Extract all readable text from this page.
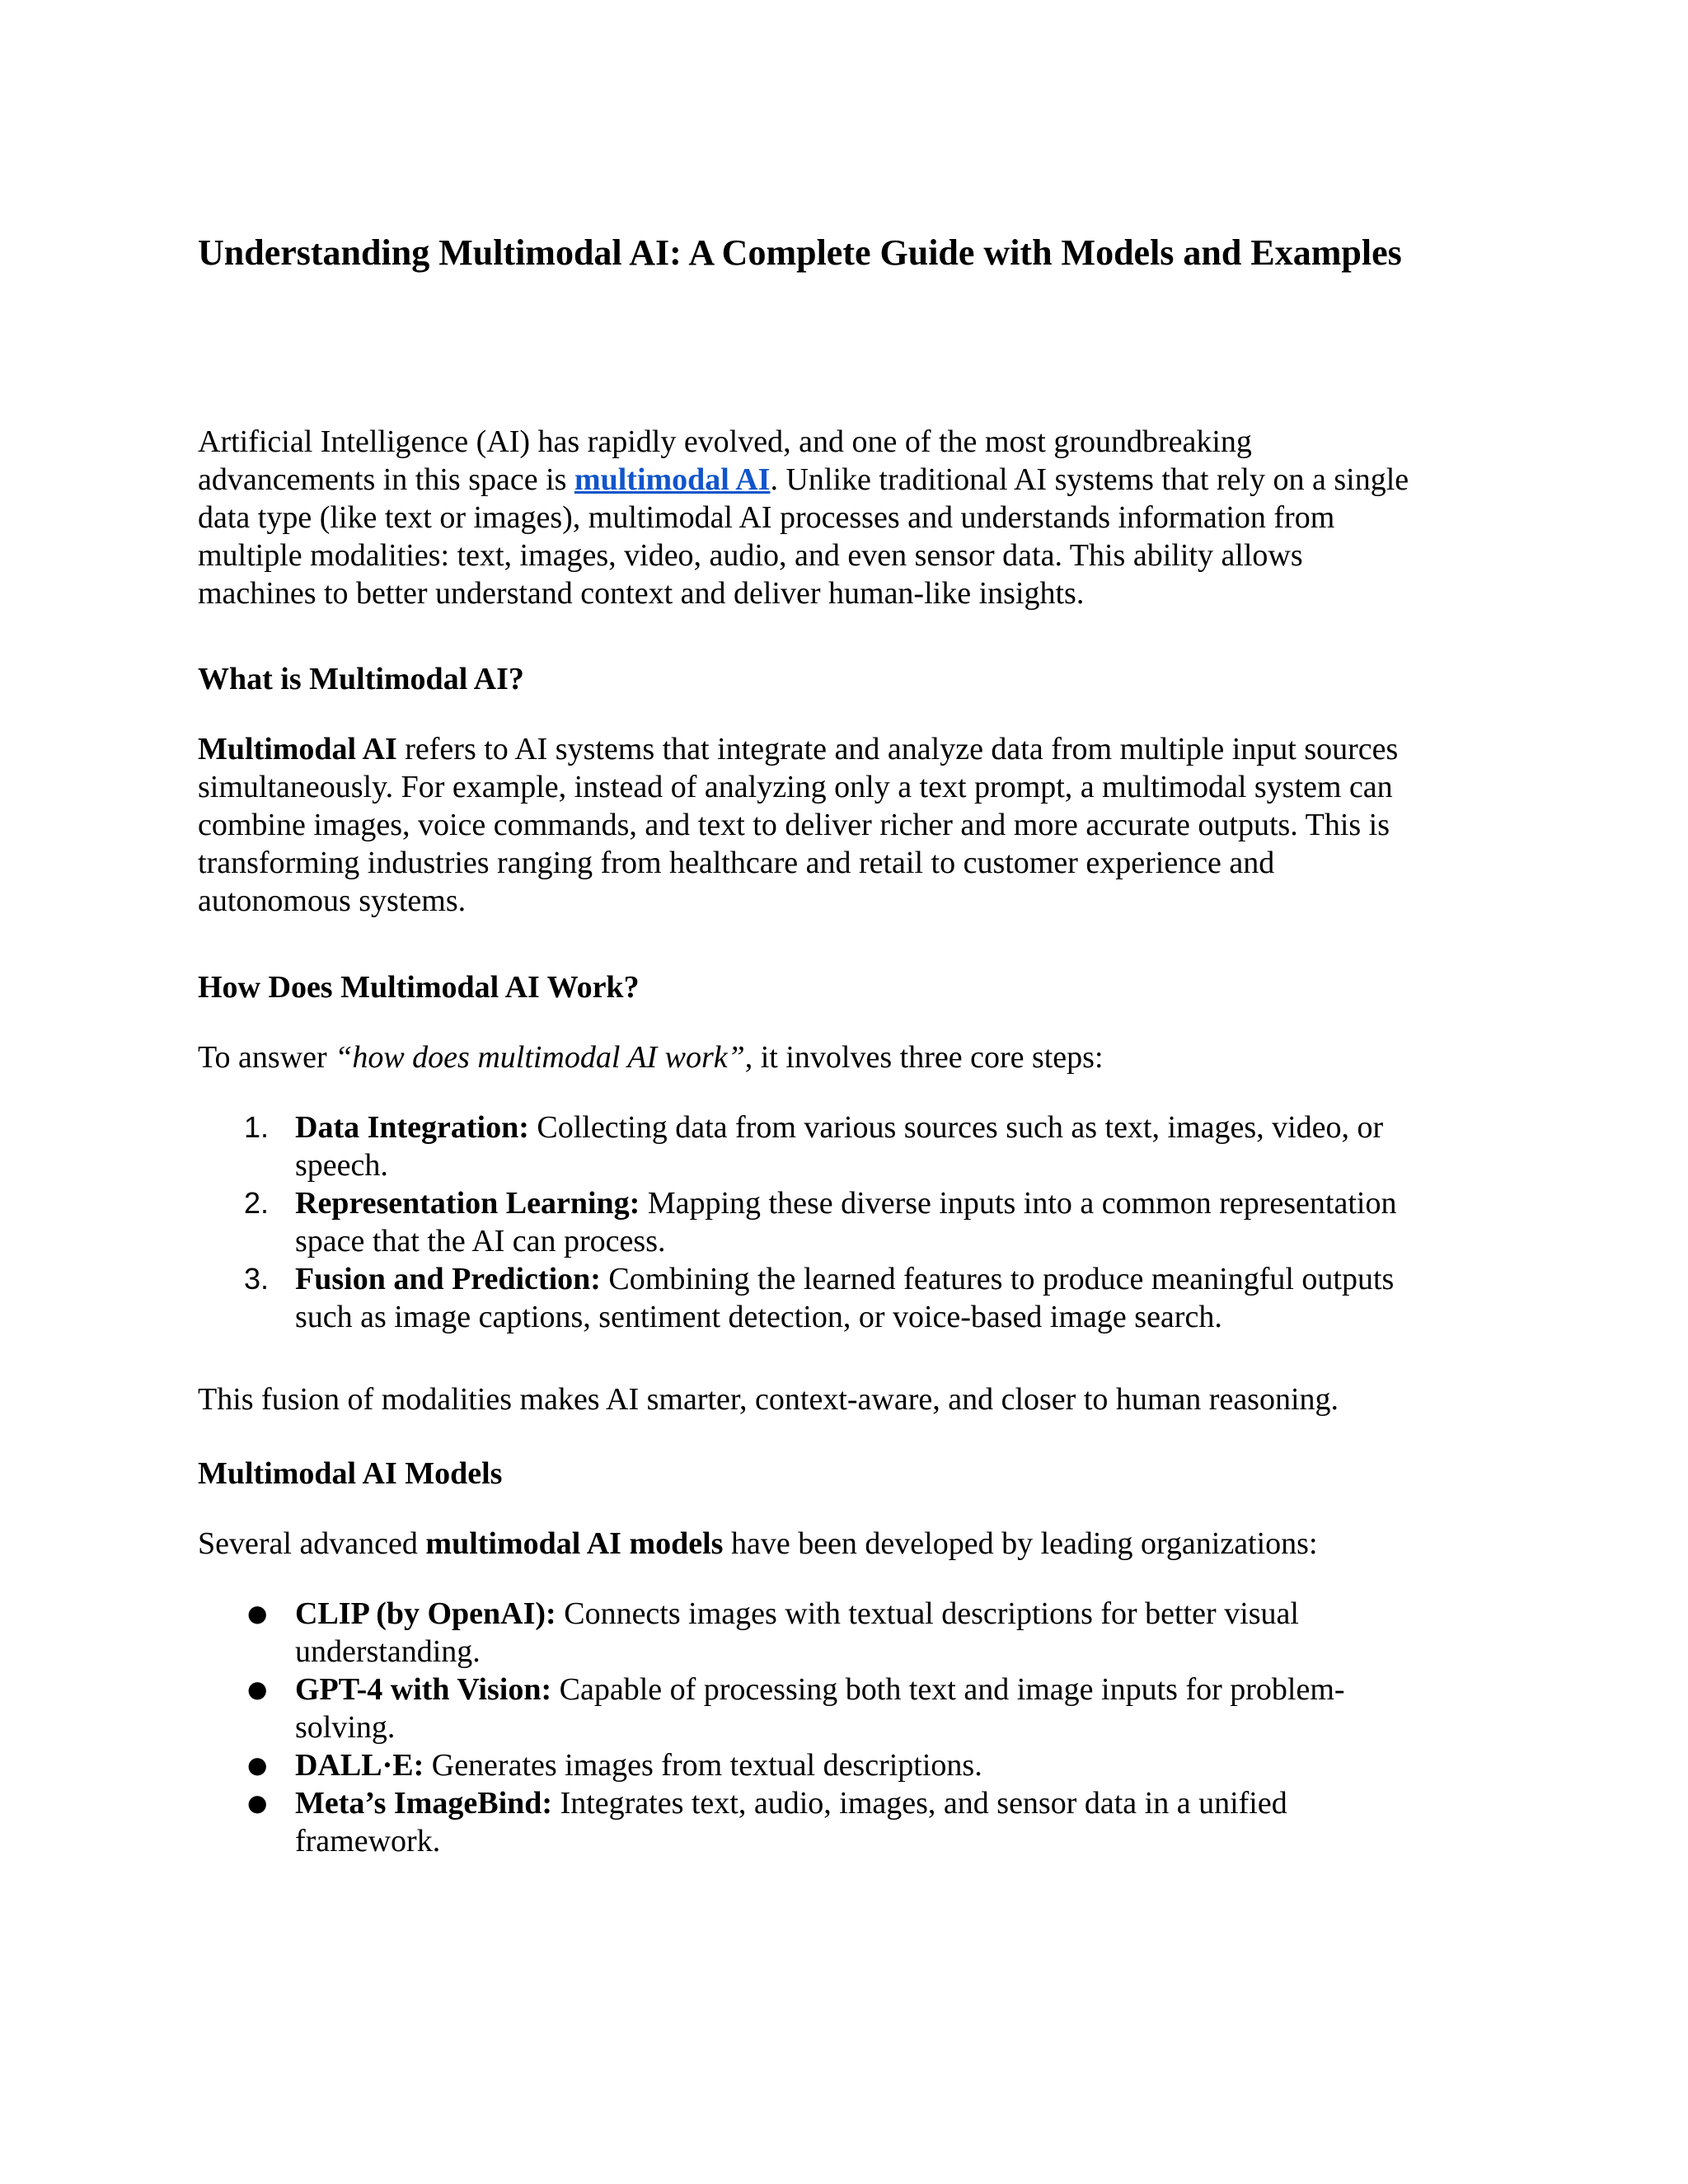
Understanding Multimodal AI: A Complete Guide with Models and Examples

Artificial Intelligence (AI) has rapidly evolved, and one of the most groundbreaking
advancements in this space is multimodal AI. Unlike traditional AI systems that rely on a single
data type (like text or images), multimodal AI processes and understands information from
multiple modalities: text, images, video, audio, and even sensor data. This ability allows
machines to better understand context and deliver human-like insights.

What is Multimodal AI?

Multimodal AI refers to AI systems that integrate and analyze data from multiple input sources
simultaneously. For example, instead of analyzing only a text prompt, a multimodal system can
combine images, voice commands, and text to deliver richer and more accurate outputs. This is
transforming industries ranging from healthcare and retail to customer experience and
autonomous systems.

How Does Multimodal AI Work?

To answer “how does multimodal AI work”, it involves three core steps:

1. Data Integration: Collecting data from various sources such as text, images, video, or
speech.
2. Representation Learning: Mapping these diverse inputs into a common representation
space that the AI can process.
3. Fusion and Prediction: Combining the learned features to produce meaningful outputs
such as image captions, sentiment detection, or voice-based image search.

This fusion of modalities makes AI smarter, context-aware, and closer to human reasoning.

Multimodal AI Models

Several advanced multimodal AI models have been developed by leading organizations:

● CLIP (by OpenAI): Connects images with textual descriptions for better visual
understanding.
● GPT-4 with Vision: Capable of processing both text and image inputs for problem-
solving.
● DALL·E: Generates images from textual descriptions.
● Meta’s ImageBind: Integrates text, audio, images, and sensor data in a unified
framework.
